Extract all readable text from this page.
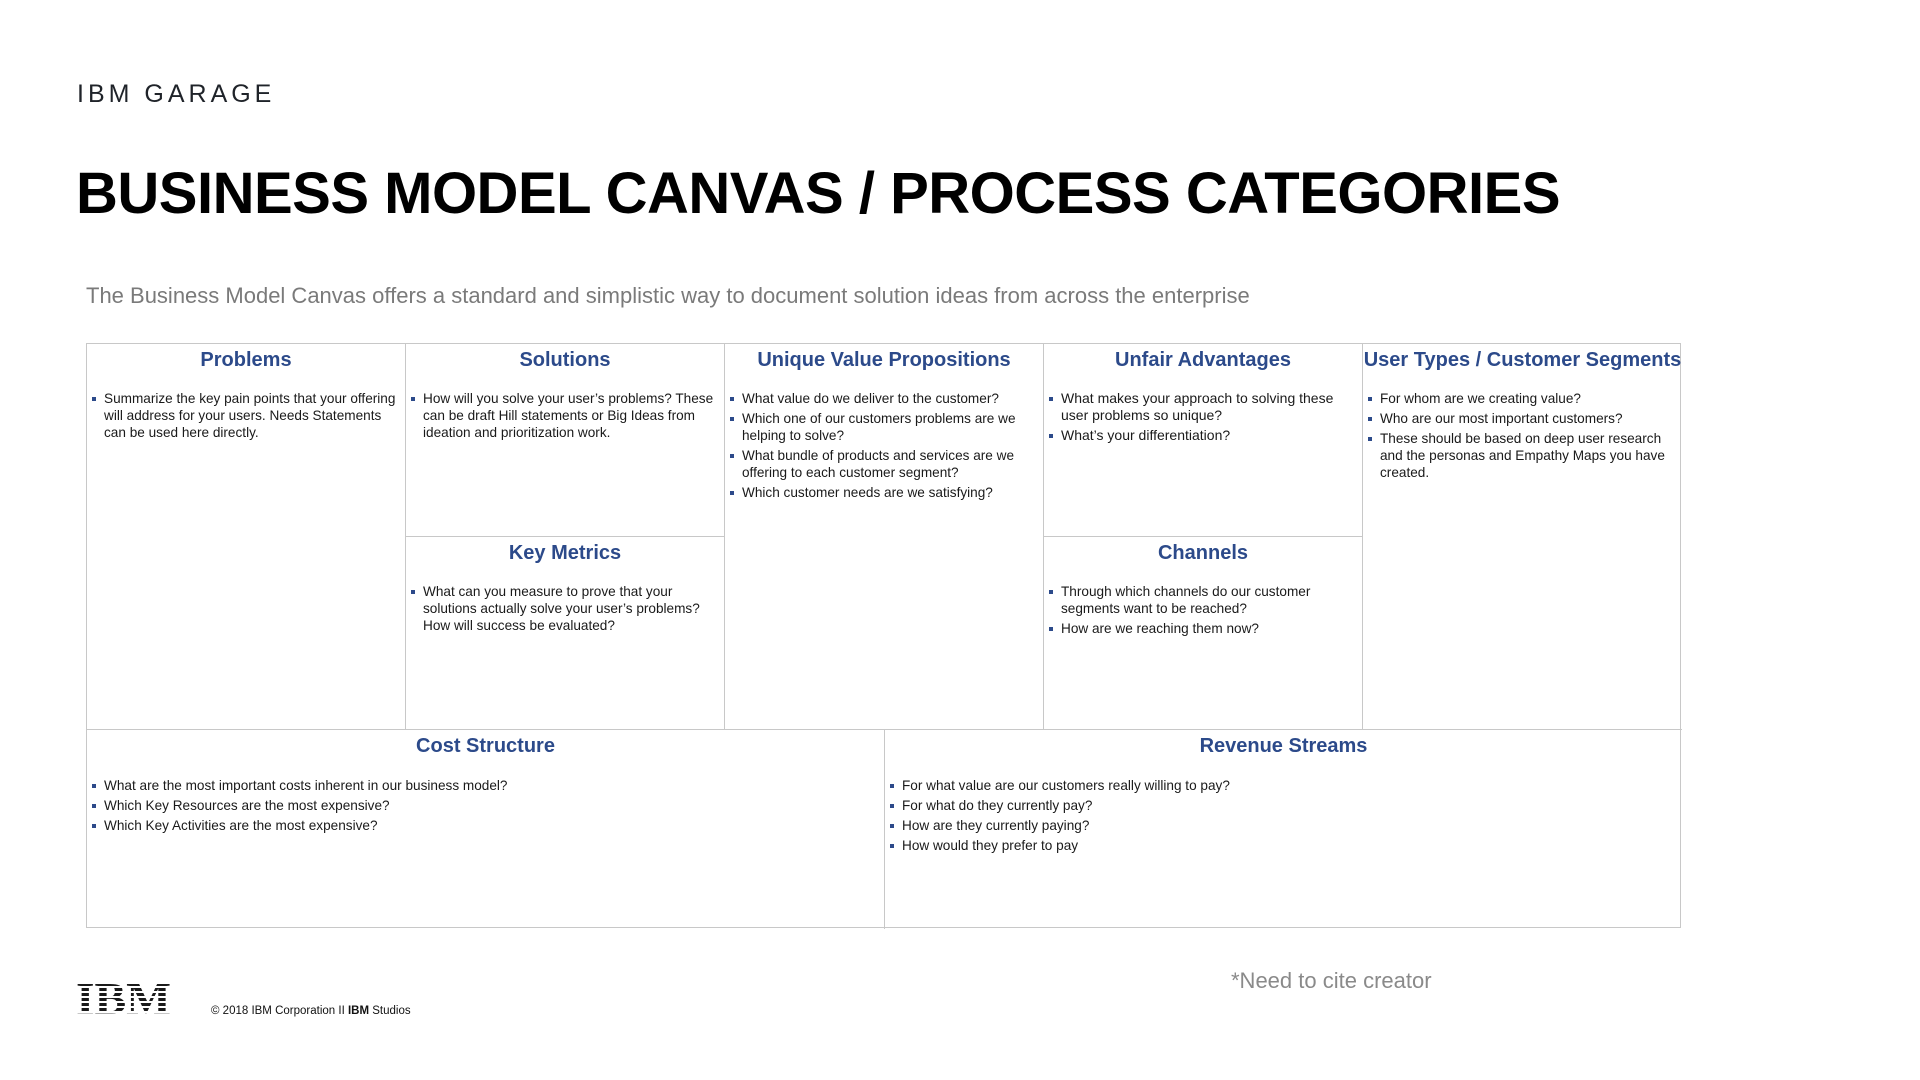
IBM GARAGE
BUSINESS MODEL CANVAS / PROCESS CATEGORIES
The Business Model Canvas offers a standard and simplistic way to document solution ideas from across the enterprise
Problems
Summarize the key pain points that your offering will address for your users. Needs Statements can be used here directly.
Solutions
How will you solve your user’s problems? These can be draft Hill statements or Big Ideas from ideation and prioritization work.
Key Metrics
What can you measure to prove that your solutions actually solve your user’s problems? How will success be evaluated?
Unique Value Propositions
What value do we deliver to the customer?
Which one of our customers problems are we helping to solve?
What bundle of products and services are we offering to each customer segment?
Which customer needs are we satisfying?
Unfair Advantages
What makes your approach to solving these user problems so unique?
What’s your differentiation?
Channels
Through which channels do our customer segments want to be reached?
How are we reaching them now?
User Types / Customer Segments
For whom are we creating value?
Who are our most important customers?
These should be based on deep user research and the personas and Empathy Maps you have created.
Cost Structure
What are the most important costs inherent in our business model?
Which Key Resources are the most expensive?
Which Key Activities are the most expensive?
Revenue Streams
For what value are our customers really willing to pay?
For what do they currently pay?
How are they currently paying?
How would they prefer to pay
IBM	© 2018 IBM Corporation II IBM Studios
*Need to cite creator
